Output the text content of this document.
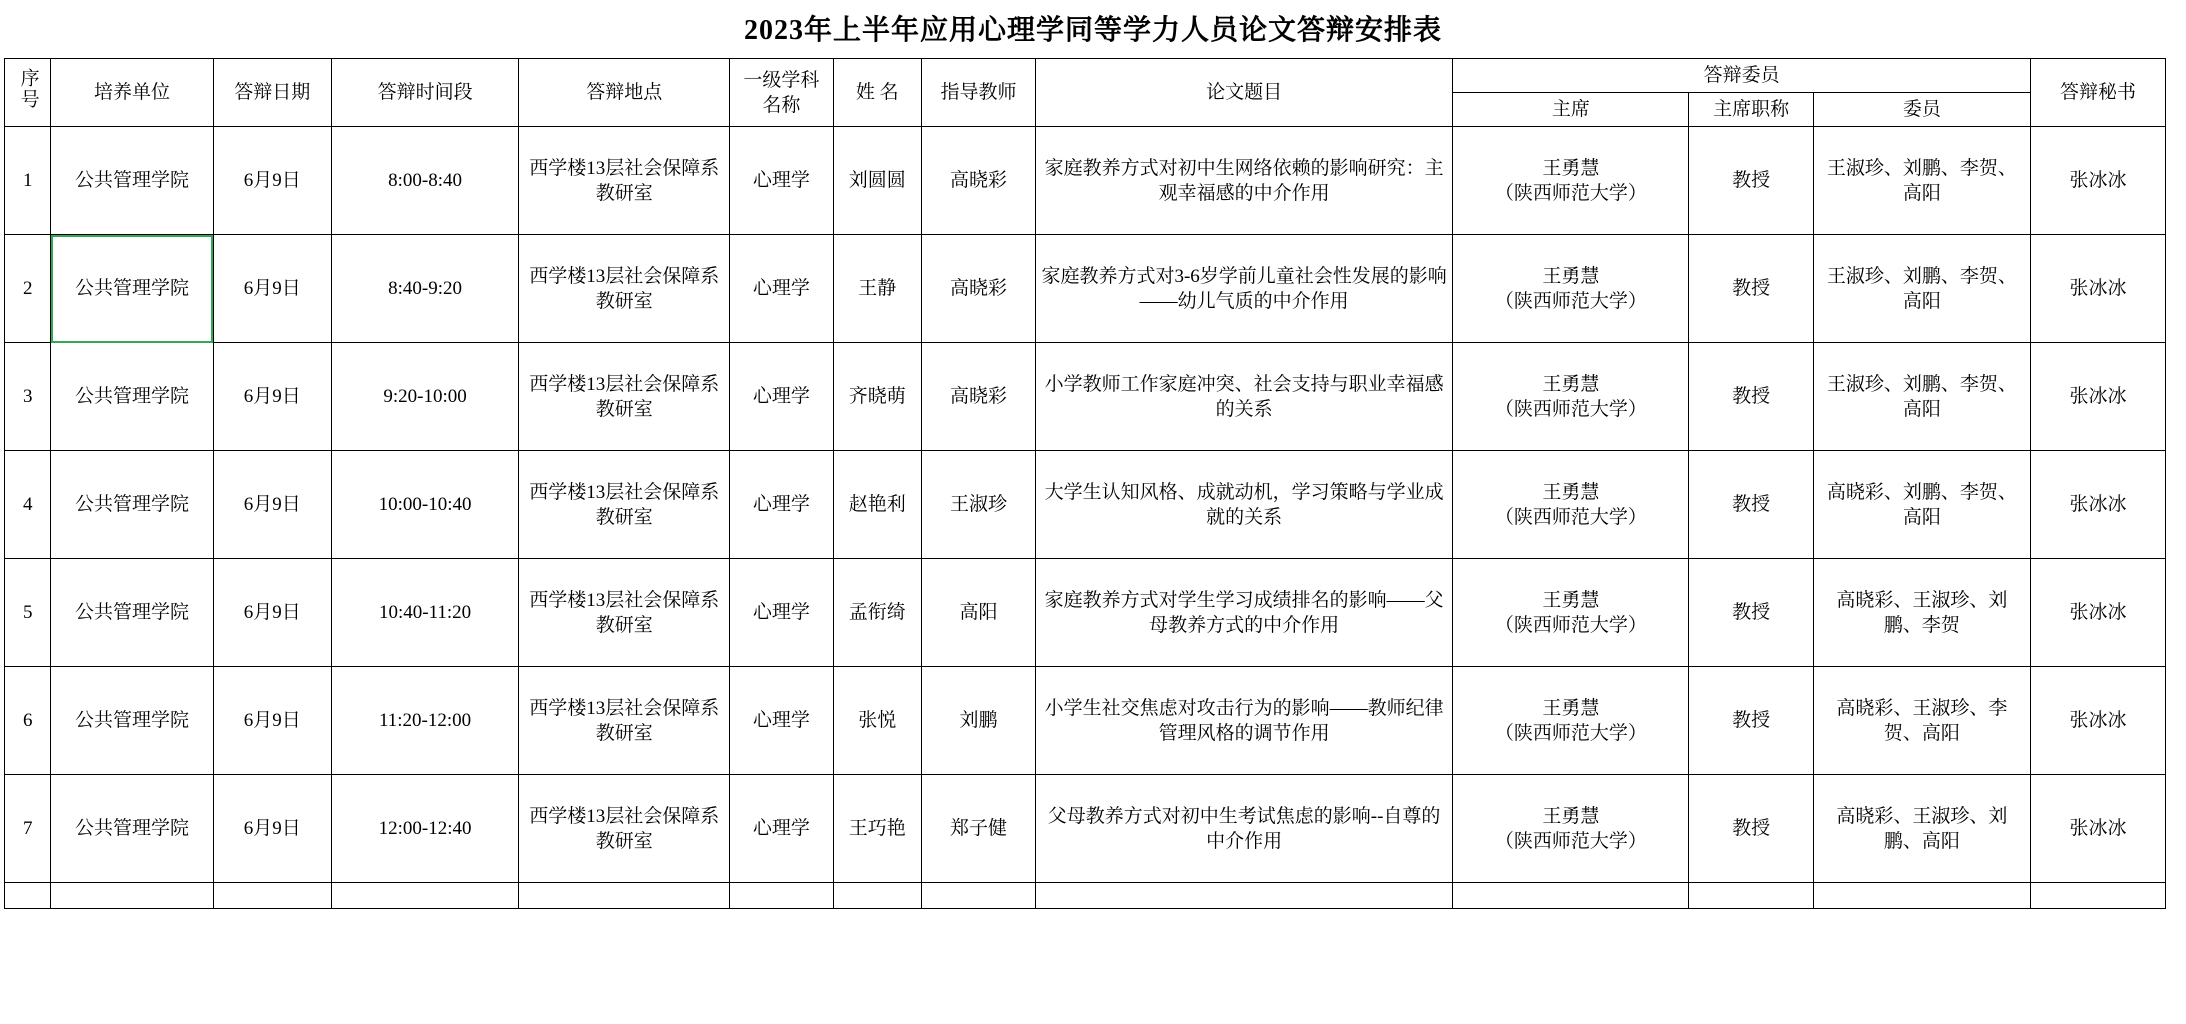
2023年上半年应用心理学同等学力人员论文答辩安排表
序号	培养单位	答辩日期	答辩时间段	答辩地点	一级学科名称	姓 名	指导教师	论文题目	答辩委员			答辩秘书
									主席	主席职称	委员	
1	公共管理学院	6月9日	8:00-8:40	西学楼13层社会保障系教研室	心理学	刘圆圆	高晓彩	家庭教养方式对初中生网络依赖的影响研究：主观幸福感的中介作用	王勇慧
（陕西师范大学）	教授	王淑珍、刘鹏、李贺、高阳	张冰冰
2	公共管理学院	6月9日	8:40-9:20	西学楼13层社会保障系教研室	心理学	王静	高晓彩	家庭教养方式对3-6岁学前儿童社会性发展的影响——幼儿气质的中介作用	王勇慧
（陕西师范大学）	教授	王淑珍、刘鹏、李贺、高阳	张冰冰
3	公共管理学院	6月9日	9:20-10:00	西学楼13层社会保障系教研室	心理学	齐晓萌	高晓彩	小学教师工作家庭冲突、社会支持与职业幸福感的关系	王勇慧
（陕西师范大学）	教授	王淑珍、刘鹏、李贺、高阳	张冰冰
4	公共管理学院	6月9日	10:00-10:40	西学楼13层社会保障系教研室	心理学	赵艳利	王淑珍	大学生认知风格、成就动机，学习策略与学业成就的关系	王勇慧
（陕西师范大学）	教授	高晓彩、刘鹏、李贺、高阳	张冰冰
5	公共管理学院	6月9日	10:40-11:20	西学楼13层社会保障系教研室	心理学	孟衔绮	高阳	家庭教养方式对学生学习成绩排名的影响——父母教养方式的中介作用	王勇慧
（陕西师范大学）	教授	高晓彩、王淑珍、刘鹏、李贺	张冰冰
6	公共管理学院	6月9日	11:20-12:00	西学楼13层社会保障系教研室	心理学	张悦	刘鹏	小学生社交焦虑对攻击行为的影响——教师纪律管理风格的调节作用	王勇慧
（陕西师范大学）	教授	高晓彩、王淑珍、李贺、高阳	张冰冰
7	公共管理学院	6月9日	12:00-12:40	西学楼13层社会保障系教研室	心理学	王巧艳	郑子健	父母教养方式对初中生考试焦虑的影响--自尊的中介作用	王勇慧
（陕西师范大学）	教授	高晓彩、王淑珍、刘鹏、高阳	张冰冰
